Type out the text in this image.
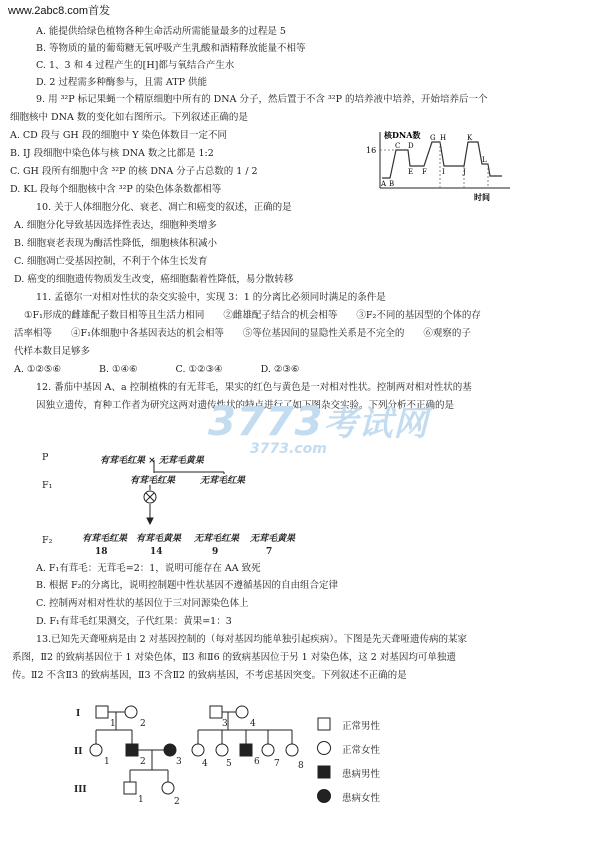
www.2abc8.com首发
A. 能提供给绿色植物各种生命活动所需能量最多的过程是 5
B. 等物质的量的葡萄糖无氧呼吸产生乳酸和酒精释放能量不相等
C. 1、3 和 4 过程产生的[H]都与氧结合产生水
D. 2 过程需多种酶参与，且需 ATP 供能
9. 用 ³²P 标记果蝇一个精原细胞中所有的 DNA 分子，然后置于不含 ³²P 的培养液中培养，开始培养后一个
细胞核中 DNA 数的变化如右图所示。下列叙述正确的是
A. CD 段与 GH 段的细胞中 Y 染色体数目一定不同
B. IJ 段细胞中染色体与核 DNA 数之比都是 1:2
C. GH 段所有细胞中含 ³²P 的核 DNA 分子占总数的 1 / 2
D. KL 段每个细胞核中含 ³²P 的染色体条数都相等
10. 关于人体细胞分化、衰老、凋亡和癌变的叙述，正确的是
A. 细胞分化导致基因选择性表达，细胞种类增多
B. 细胞衰老表现为酶活性降低，细胞核体积减小
C. 细胞凋亡受基因控制，不利于个体生长发育
D. 癌变的细胞遗传物质发生改变，癌细胞黏着性降低，易分散转移
11. 孟德尔一对相对性状的杂交实验中，实现 3：1 的分离比必须同时满足的条件是
①F₁形成的雌雄配子数目相等且生活力相同　　②雌雄配子结合的机会相等　　③F₂不同的基因型的个体的存
活率相等　　④F₁体细胞中各基因表达的机会相等　　⑤等位基因间的显隐性关系是不完全的　　⑥观察的子
代样本数目足够多
A. ①②⑤⑥　　　　B. ①④⑥　　　　C. ①②③④　　　　D. ②③⑥
12. 番茄中基因 A、a 控制植株的有无茸毛，果实的红色与黄色是一对相对性状。控制两对相对性状的基
因独立遗传，育种工作者为研究这两对遗传性状的特点进行了如下图杂交实验。下列分析不正确的是
核DNA数
16
时间
A B
C D
E F
G H
I	J
K
L
3773考试网
3773.com
P	有茸毛红果 × 无茸毛黄果
F₁	有茸毛红果	无茸毛红果
F₂	有茸毛红果 有茸毛黄果 无茸毛红果 无茸毛黄果
18	14	9	7
A. F₁有茸毛：无茸毛=2：1，说明可能存在 AA 致死
B. 根据 F₂的分离比，说明控制题中性状基因不遵循基因的自由组合定律
C. 控制两对相对性状的基因位于三对同源染色体上
D. F₁有茸毛红果测交，子代红果：黄果=1：3
13.已知先天聋哑病是由 2 对基因控制的（每对基因均能单独引起疾病）。下图是先天聋哑遗传病的某家
系图，Ⅱ2 的致病基因位于 1 对染色体，Ⅱ3 和Ⅱ6 的致病基因位于另 1 对染色体，这 2 对基因均可单独遗
传。Ⅱ2 不含Ⅱ3 的致病基因，Ⅱ3 不含Ⅱ2 的致病基因，不考虑基因突变。下列叙述不正确的是
I
II
III
1	2	3 4
1	2	3 4 5 6 7 8
1	2
正常男性
正常女性
患病男性
患病女性
